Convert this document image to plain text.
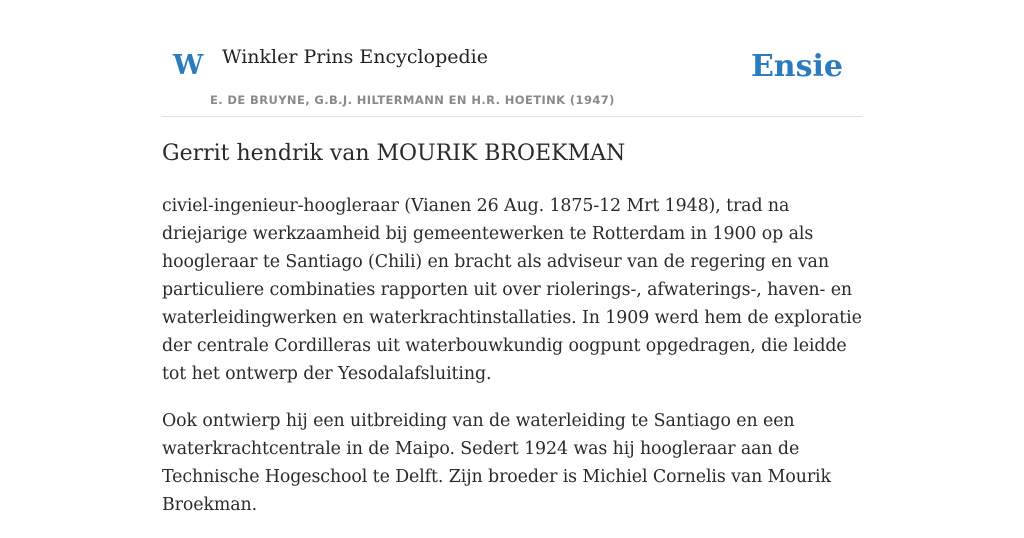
W Winkler Prins Encyclopedie
E. DE BRUYNE, G.B.J. HILTERMANN EN H.R. HOETINK (1947)
Ensie
Gerrit hendrik van MOURIK BROEKMAN

civiel-ingenieur-hoogleraar (Vianen 26 Aug. 1875-12 Mrt 1948), trad na driejarige werkzaamheid bij gemeentewerken te Rotterdam in 1900 op als hoogleraar te Santiago (Chili) en bracht als adviseur van de regering en van particuliere combinaties rapporten uit over riolerings-, afwaterings-, haven- en waterleidingwerken en waterkrachtinstallaties. In 1909 werd hem de exploratie der centrale Cordilleras uit waterbouwkundig oogpunt opgedragen, die leidde tot het ontwerp der Yesodalafsluiting.

Ook ontwierp hij een uitbreiding van de waterleiding te Santiago en een waterkrachtcentrale in de Maipo. Sedert 1924 was hij hoogleraar aan de Technische Hogeschool te Delft. Zijn broeder is Michiel Cornelis van Mourik Broekman.
